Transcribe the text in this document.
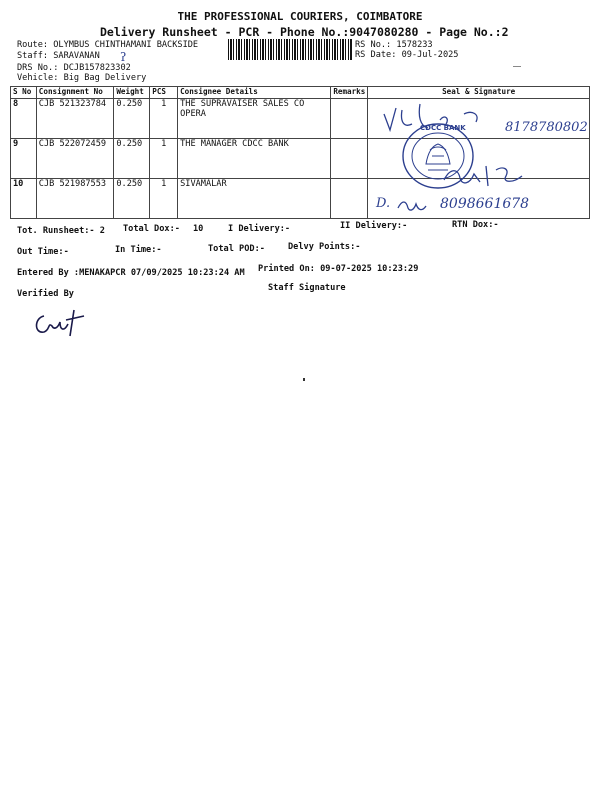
THE PROFESSIONAL COURIERS, COIMBATORE
Delivery Runsheet - PCR - Phone No.:9047080280 - Page No.:2
Route: OLYMBUS CHINTHAMANI BACKSIDE
Staff: SARAVANAN ʔ
RS No.: 1578233
RS Date: 09-Jul-2025
DRS No.: DCJB157823302
Vehicle: Big Bag Delivery
S No	Consignment No	Weight	PCS	Consignee Details	Remarks	Seal & Signature
8	CJB 521323784	0.250	1	THE SUPRAVAISER SALES CO OPERA		
9	CJB 522072459	0.250	1	THE MANAGER CDCC BANK		
10	CJB 521987553	0.250	1	SIVAMALAR		
CDCC BANK	8178780802
D.	8098661678
Tot. Runsheet:- 2 Total Dox:- 10	I Delivery:-	II Delivery:-	RTN Dox:-
Out Time:-	In Time:-	Total POD:-	Delvy Points:-
Entered By :MENAKAPCR 07/09/2025 10:23:24 AM Printed On: 09-07-2025 10:23:29
Verified By
Staff Signature
